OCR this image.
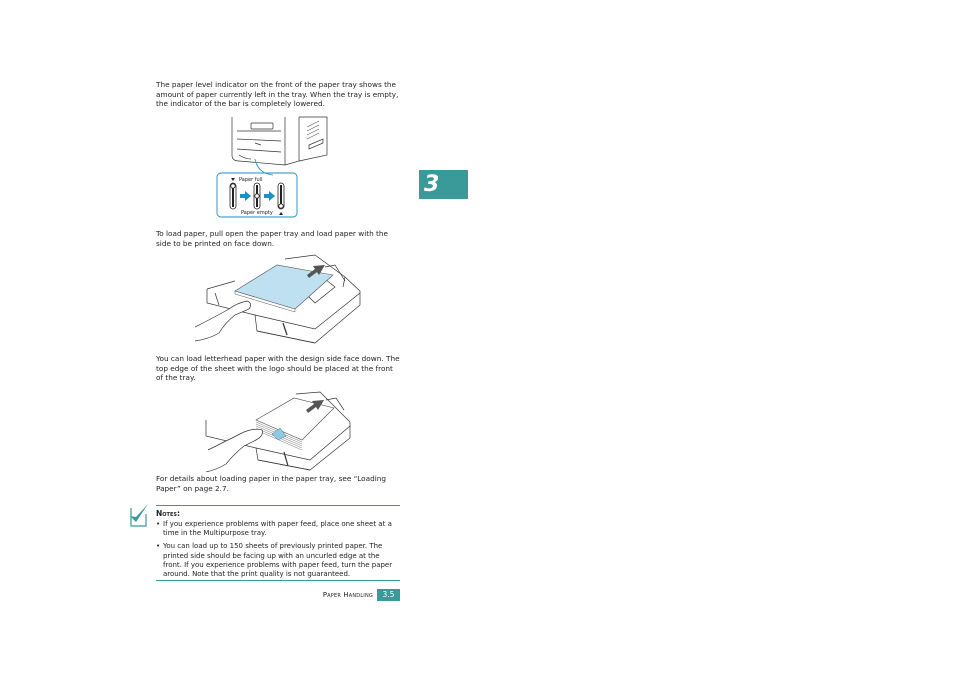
The paper level indicator on the front of the paper tray shows the amount of paper currently left in the tray. When the tray is empty, the indicator of the bar is completely lowered.

Paper full
Paper empty

To load paper, pull open the paper tray and load paper with the side to be printed on face down.

You can load letterhead paper with the design side face down. The top edge of the sheet with the logo should be placed at the front of the tray.

For details about loading paper in the paper tray, see “Loading Paper” on page 2.7.

3

Notes:

• If you experience problems with paper feed, place one sheet at a time in the Multipurpose tray.
• You can load up to 150 sheets of previously printed paper. The printed side should be facing up with an uncurled edge at the front. If you experience problems with paper feed, turn the paper around. Note that the print quality is not guaranteed.
Paper Handling	3.5
